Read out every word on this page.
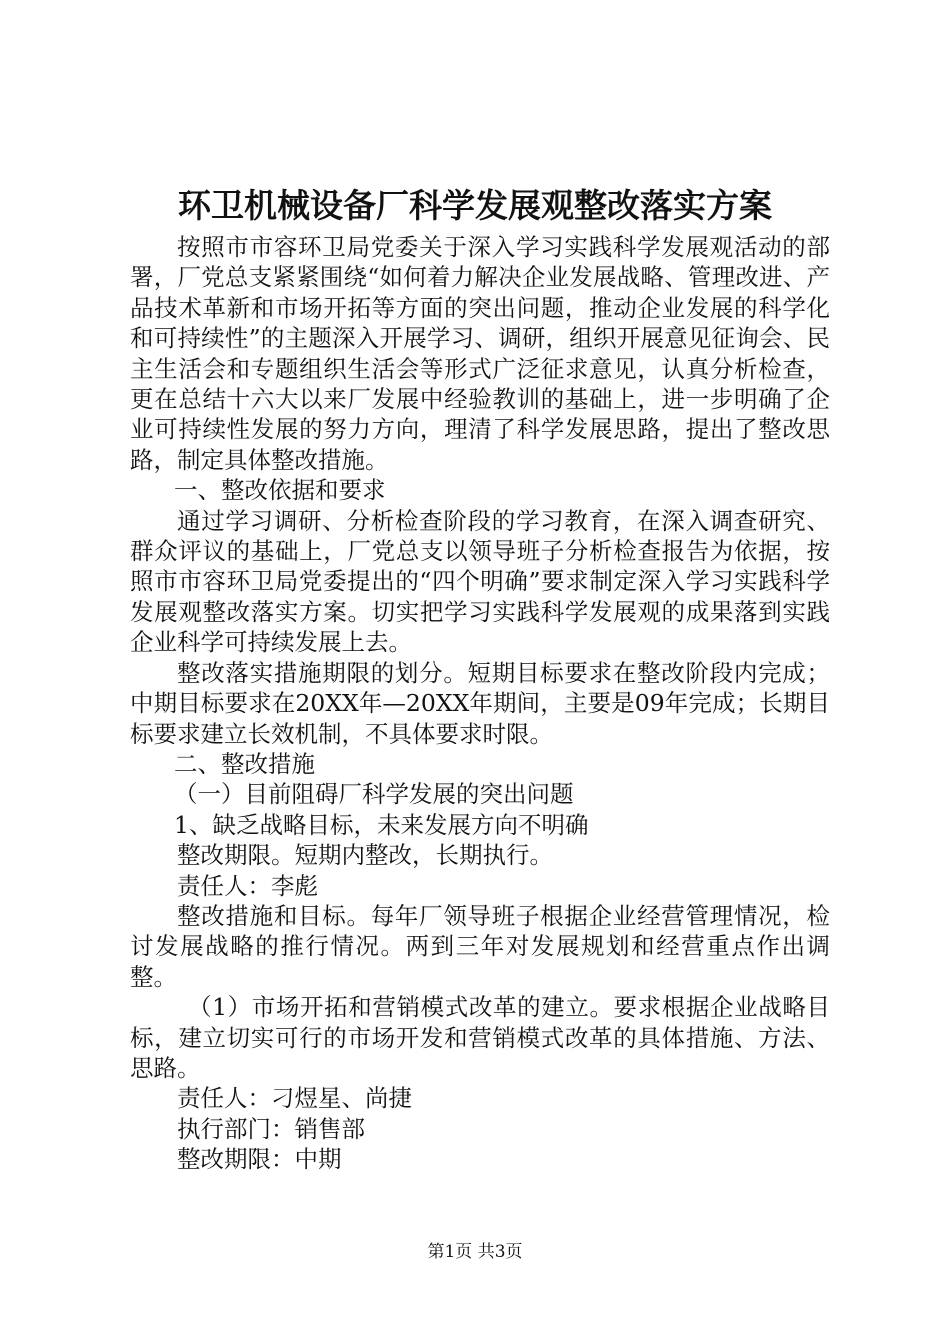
环卫机械设备厂科学发展观整改落实方案

按照市市容环卫局党委关于深入学习实践科学发展观活动的部署，厂党总支紧紧围绕“如何着力解决企业发展战略、管理改进、产品技术革新和市场开拓等方面的突出问题，推动企业发展的科学化和可持续性”的主题深入开展学习、调研，组织开展意见征询会、民主生活会和专题组织生活会等形式广泛征求意见，认真分析检查，更在总结十六大以来厂发展中经验教训的基础上，进一步明确了企业可持续性发展的努力方向，理清了科学发展思路，提出了整改思路，制定具体整改措施。

一、整改依据和要求

通过学习调研、分析检查阶段的学习教育，在深入调查研究、群众评议的基础上，厂党总支以领导班子分析检查报告为依据，按照市市容环卫局党委提出的“四个明确”要求制定深入学习实践科学发展观整改落实方案。切实把学习实践科学发展观的成果落到实践企业科学可持续发展上去。

整改落实措施期限的划分。短期目标要求在整改阶段内完成；中期目标要求在20XX年—20XX年期间，主要是09年完成；长期目标要求建立长效机制，不具体要求时限。

二、整改措施

（一）目前阻碍厂科学发展的突出问题

1、缺乏战略目标，未来发展方向不明确

整改期限。短期内整改，长期执行。

责任人：李彪

整改措施和目标。每年厂领导班子根据企业经营管理情况，检讨发展战略的推行情况。两到三年对发展规划和经营重点作出调整。

（1）市场开拓和营销模式改革的建立。要求根据企业战略目标，建立切实可行的市场开发和营销模式改革的具体措施、方法、思路。

责任人：刁煜星、尚捷

执行部门：销售部

整改期限：中期

第1页 共3页
